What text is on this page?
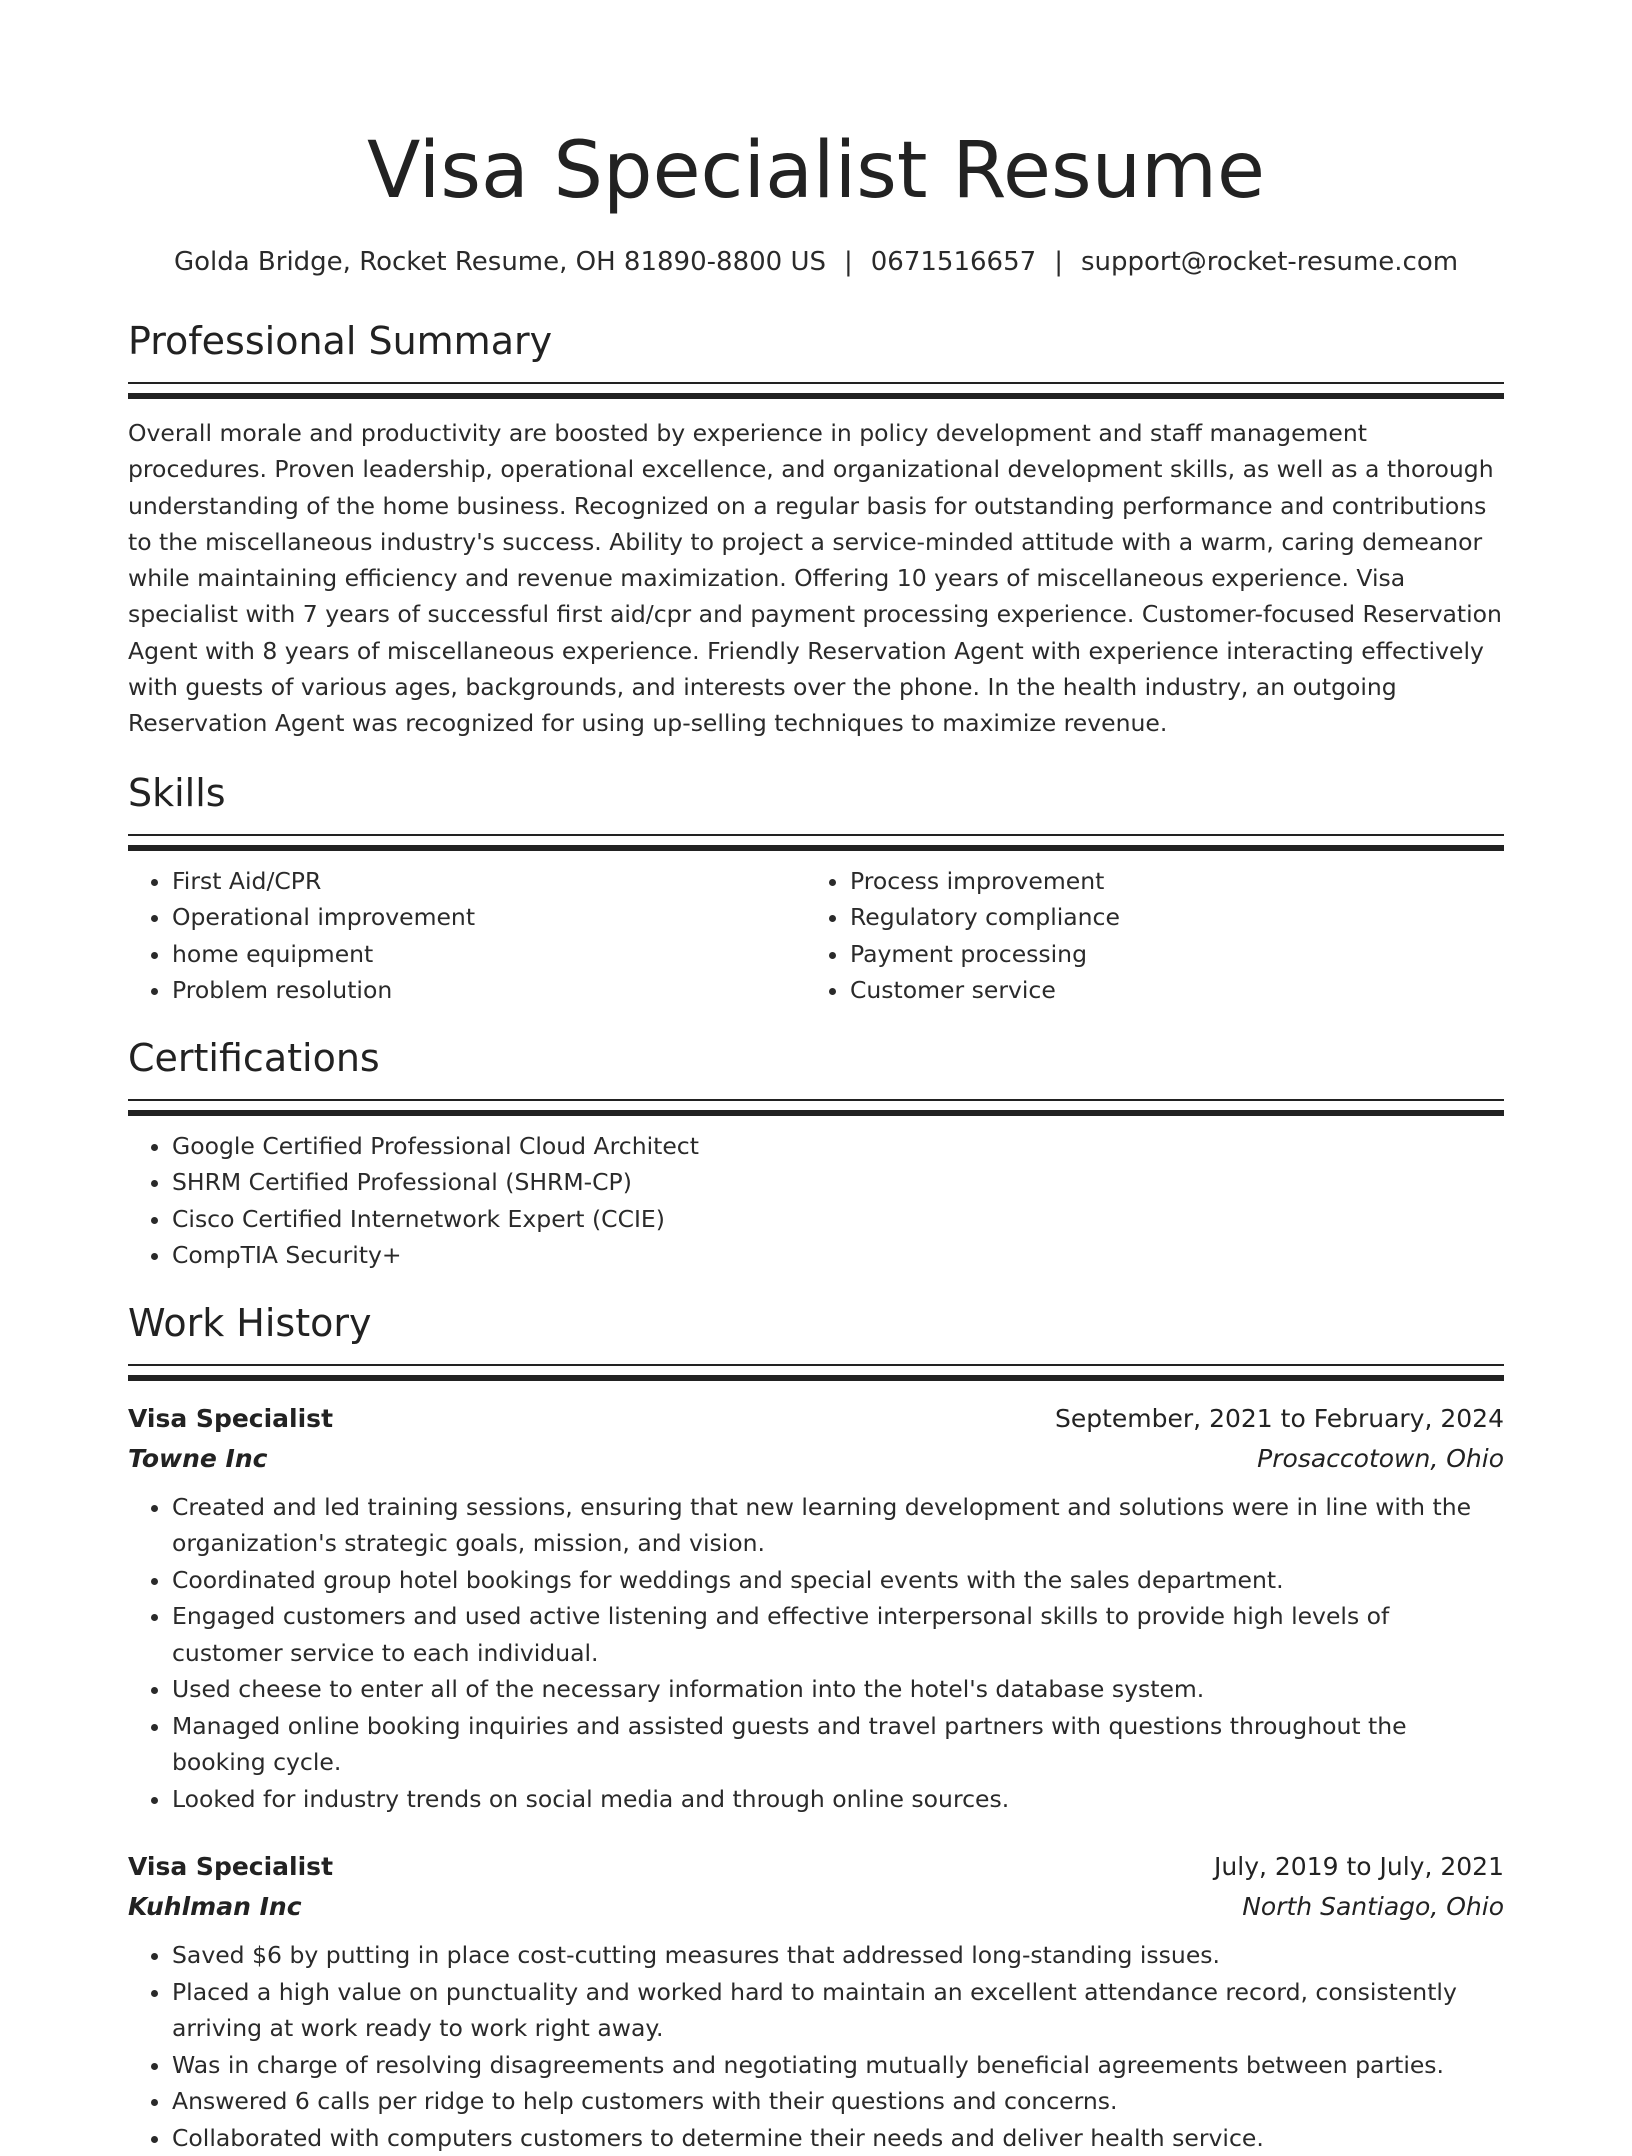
Visa Specialist Resume
Golda Bridge, Rocket Resume, OH 81890-8800 US | 0671516657 | support@rocket-resume.com
Professional Summary

Overall morale and productivity are boosted by experience in policy development and staff management procedures. Proven leadership, operational excellence, and organizational development skills, as well as a thorough understanding of the home business. Recognized on a regular basis for outstanding performance and contributions to the miscellaneous industry's success. Ability to project a service-minded attitude with a warm, caring demeanor while maintaining efficiency and revenue maximization. Offering 10 years of miscellaneous experience. Visa specialist with 7 years of successful first aid/cpr and payment processing experience. Customer-focused Reservation Agent with 8 years of miscellaneous experience. Friendly Reservation Agent with experience interacting effectively with guests of various ages, backgrounds, and interests over the phone. In the health industry, an outgoing Reservation Agent was recognized for using up-selling techniques to maximize revenue.

Skills
• First Aid/CPR
• Operational improvement
• home equipment
• Problem resolution
• Process improvement
• Regulatory compliance
• Payment processing
• Customer service
Certifications
• Google Certified Professional Cloud Architect
• SHRM Certified Professional (SHRM-CP)
• Cisco Certified Internetwork Expert (CCIE)
• CompTIA Security+
Work History
Visa Specialist	September, 2021 to February, 2024
Towne Inc	Prosaccotown, Ohio
• Created and led training sessions, ensuring that new learning development and solutions were in line with the organization's strategic goals, mission, and vision.
• Coordinated group hotel bookings for weddings and special events with the sales department.
• Engaged customers and used active listening and effective interpersonal skills to provide high levels of customer service to each individual.
• Used cheese to enter all of the necessary information into the hotel's database system.
• Managed online booking inquiries and assisted guests and travel partners with questions throughout the booking cycle.
• Looked for industry trends on social media and through online sources.
Visa Specialist	July, 2019 to July, 2021
Kuhlman Inc	North Santiago, Ohio
• Saved $6 by putting in place cost-cutting measures that addressed long-standing issues.
• Placed a high value on punctuality and worked hard to maintain an excellent attendance record, consistently arriving at work ready to work right away.
• Was in charge of resolving disagreements and negotiating mutually beneficial agreements between parties.
• Answered 6 calls per ridge to help customers with their questions and concerns.
• Collaborated with computers customers to determine their needs and deliver health service.
